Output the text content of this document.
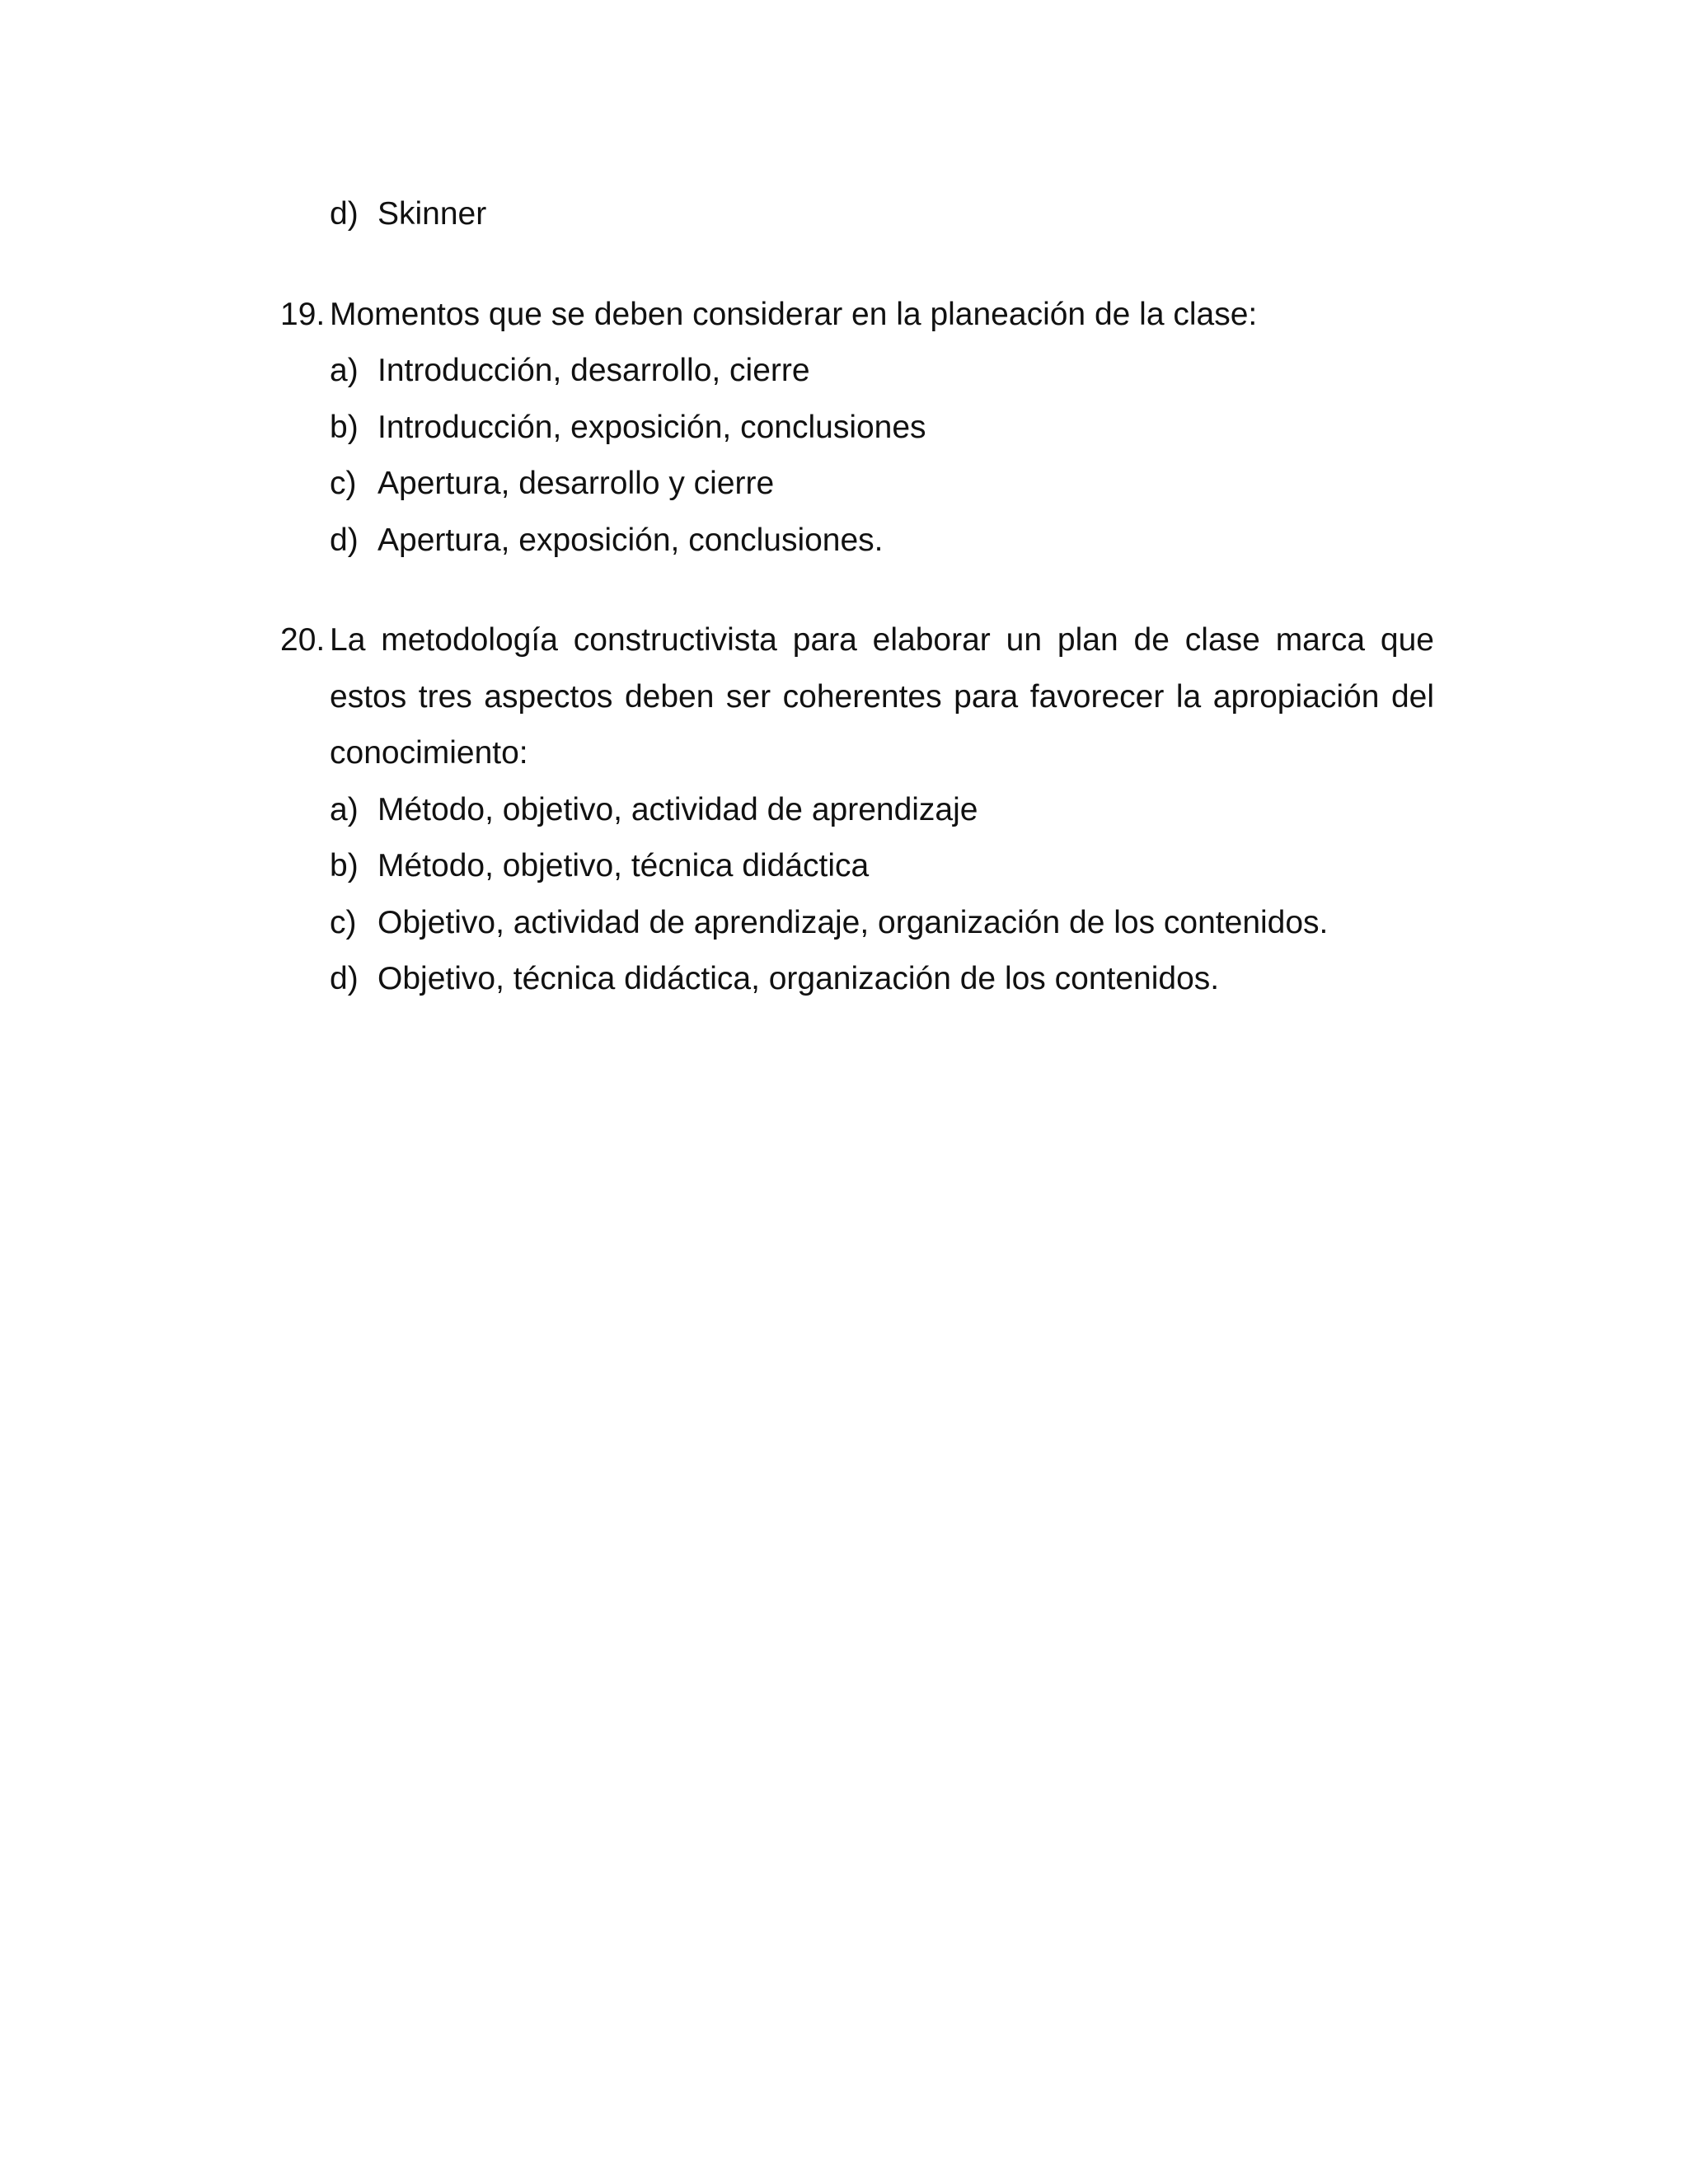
d) Skinner
19. Momentos que se deben considerar en la planeación de la clase:
a) Introducción, desarrollo, cierre
b) Introducción, exposición, conclusiones
c) Apertura, desarrollo y cierre
d) Apertura, exposición, conclusiones.
20. La metodología constructivista para elaborar un plan de clase marca que estos tres aspectos deben ser coherentes para favorecer la apropiación del conocimiento:
a) Método, objetivo, actividad de aprendizaje
b) Método, objetivo, técnica didáctica
c) Objetivo, actividad de aprendizaje, organización de los contenidos.
d) Objetivo, técnica didáctica, organización de los contenidos.
